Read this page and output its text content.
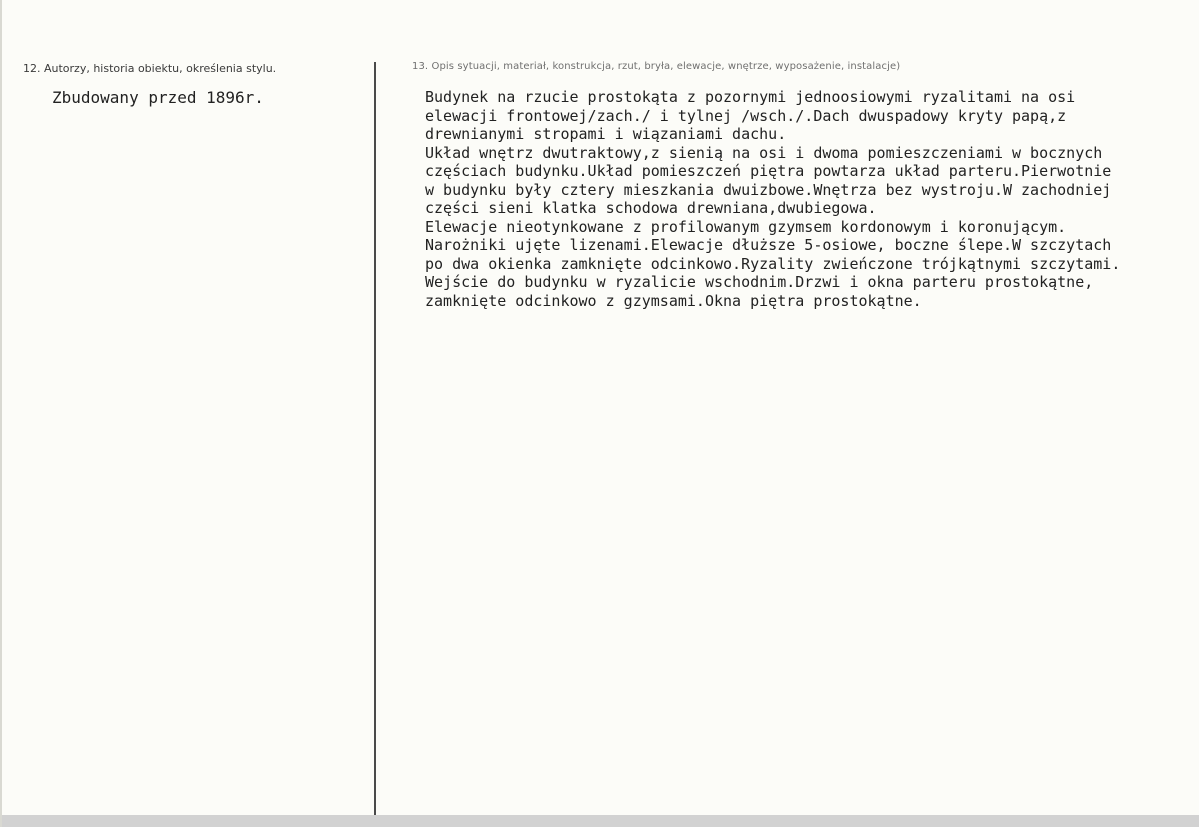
12. Autorzy, historia obiektu, określenia stylu.
Zbudowany przed 1896r.
13. Opis sytuacji, materiał, konstrukcja, rzut, bryła, elewacje, wnętrze, wyposażenie, instalacje)
Budynek na rzucie prostokąta z pozornymi jednoosiowymi ryzalitami na osi
elewacji frontowej/zach./ i tylnej /wsch./.Dach dwuspadowy kryty papą,z
drewnianymi stropami i wiązaniami dachu.
Układ wnętrz dwutraktowy,z sienią na osi i dwoma pomieszczeniami w bocznych
częściach budynku.Układ pomieszczeń piętra powtarza układ parteru.Pierwotnie
w budynku były cztery mieszkania dwuizbowe.Wnętrza bez wystroju.W zachodniej
części sieni klatka schodowa drewniana,dwubiegowa.
Elewacje nieotynkowane z profilowanym gzymsem kordonowym i koronującym.
Narożniki ujęte lizenami.Elewacje dłuższe 5-osiowe, boczne ślepe.W szczytach
po dwa okienka zamknięte odcinkowo.Ryzality zwieńczone trójkątnymi szczytami.
Wejście do budynku w ryzalicie wschodnim.Drzwi i okna parteru prostokątne,
zamknięte odcinkowo z gzymsami.Okna piętra prostokątne.
